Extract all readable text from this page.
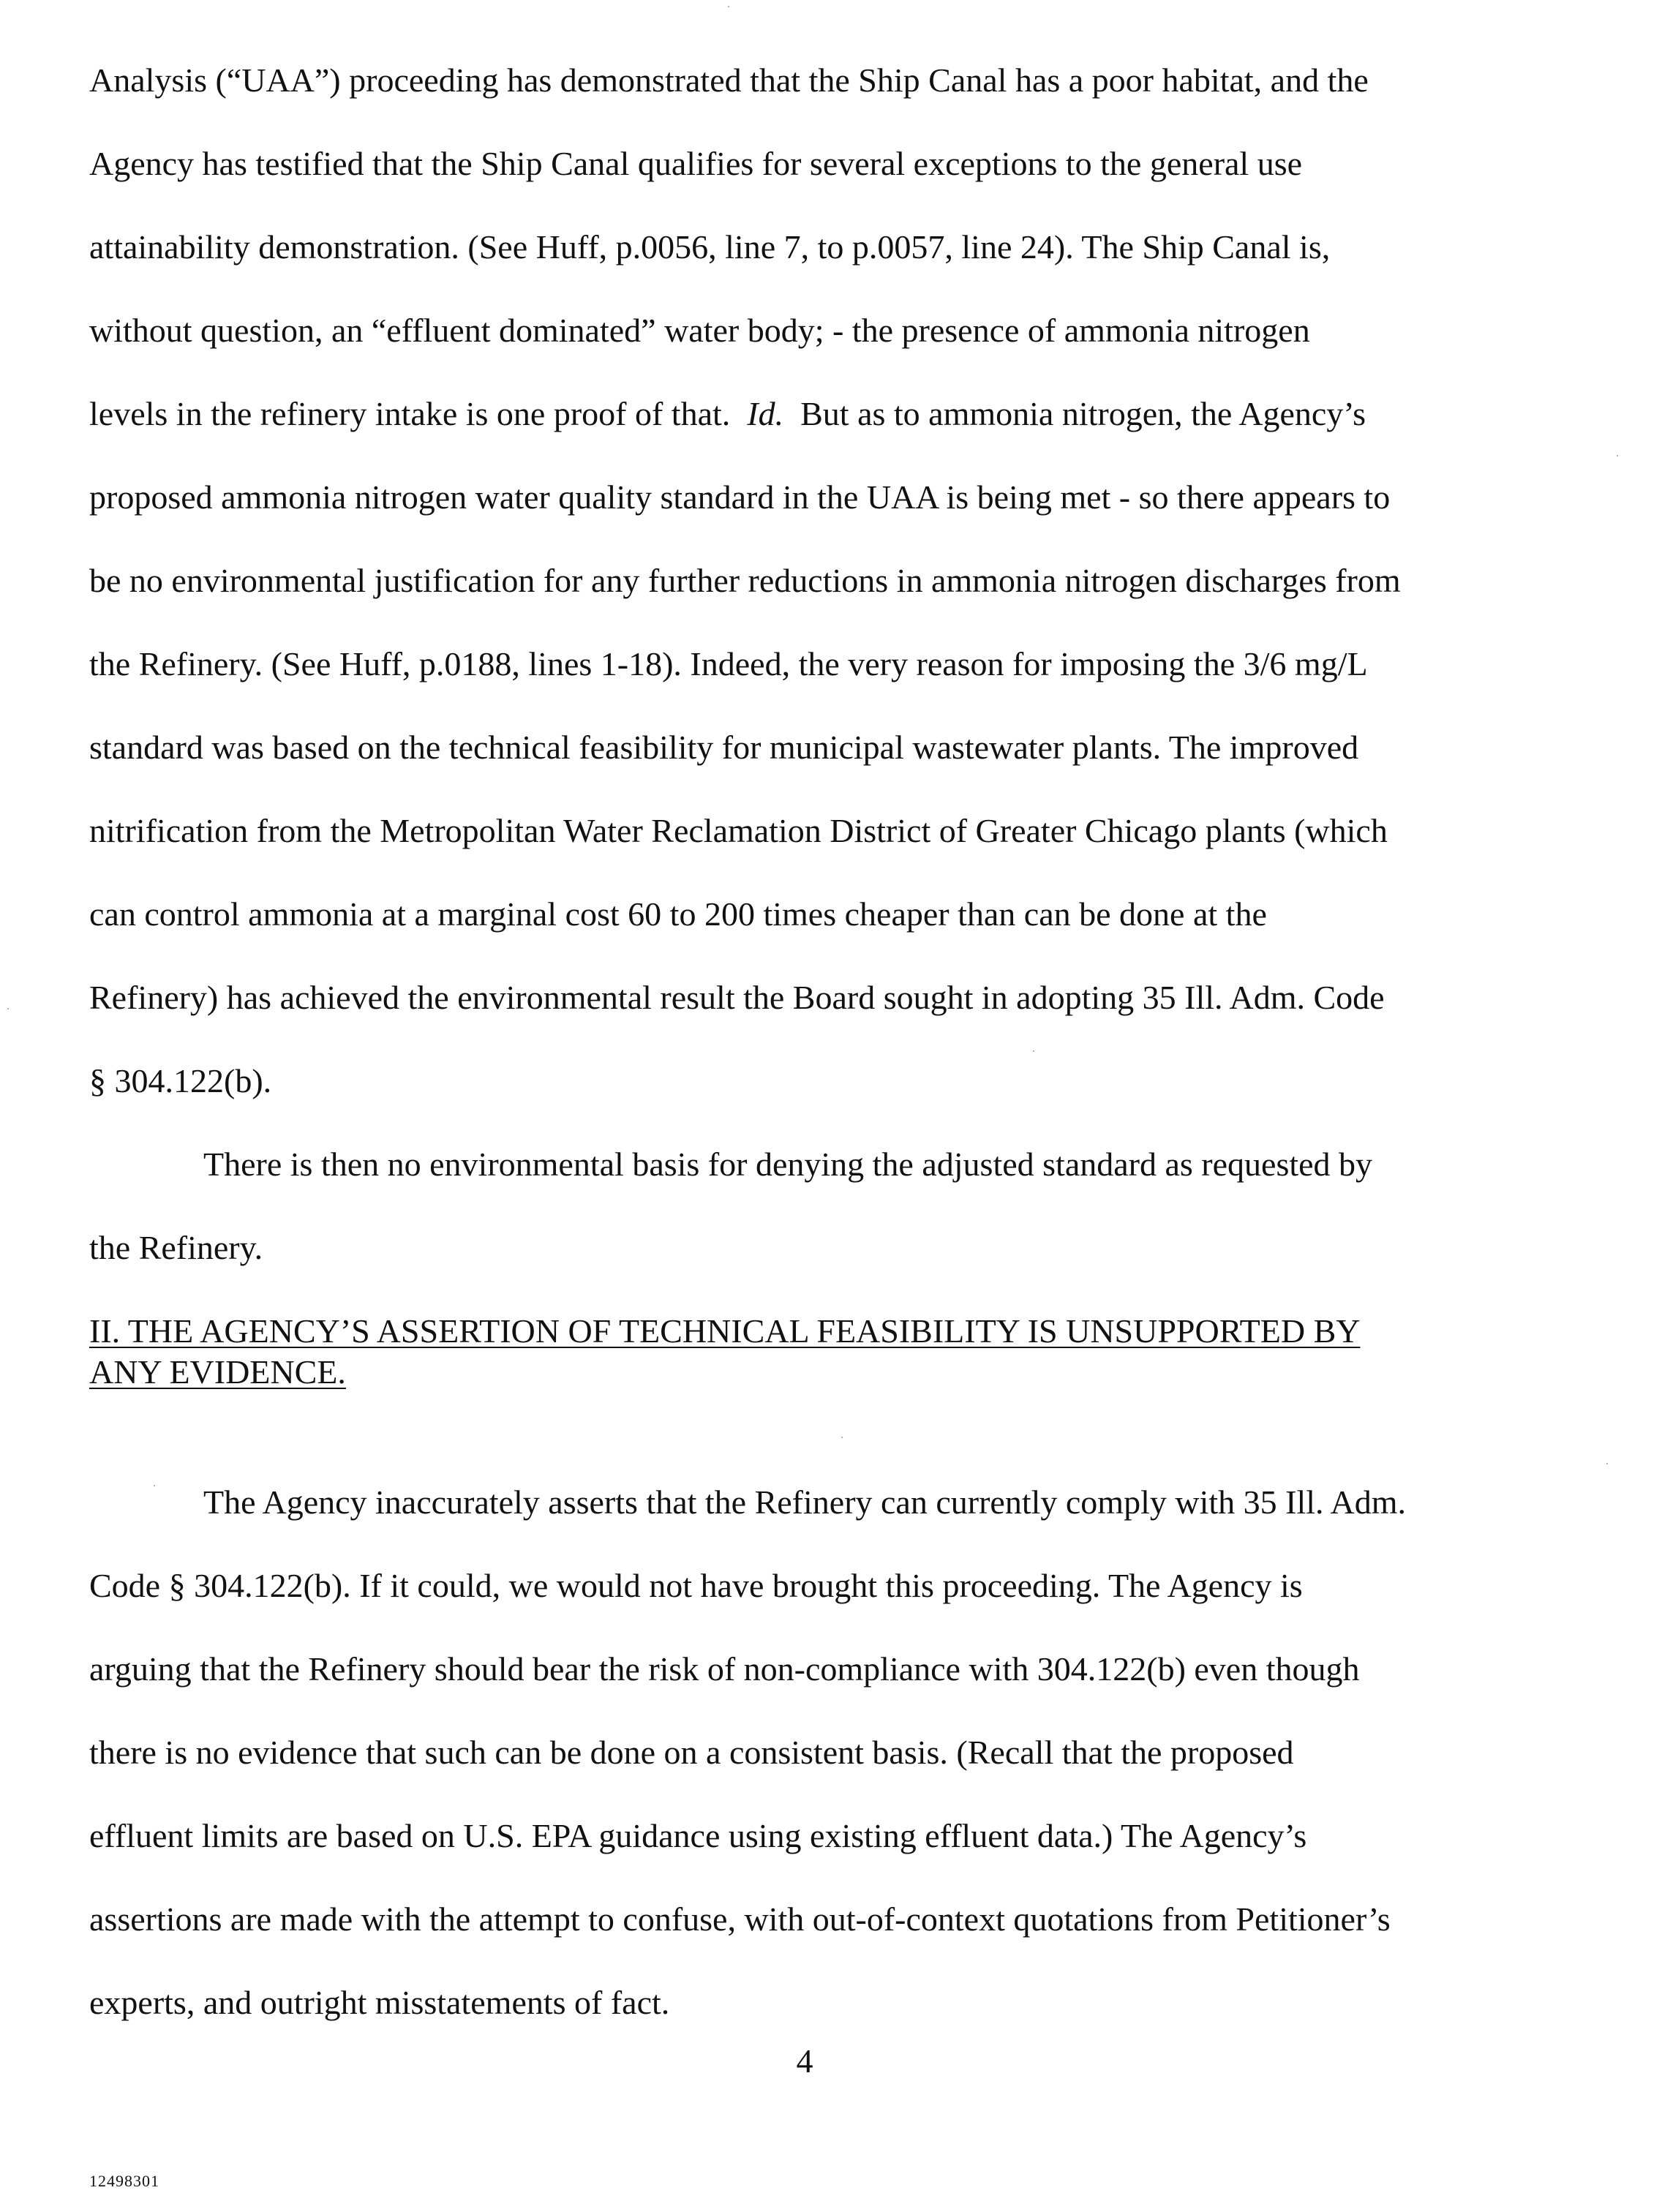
Analysis (“UAA”) proceeding has demonstrated that the Ship Canal has a poor habitat, and the

Agency has testified that the Ship Canal qualifies for several exceptions to the general use

attainability demonstration. (See Huff, p.0056, line 7, to p.0057, line 24). The Ship Canal is,

without question, an “effluent dominated” water body; - the presence of ammonia nitrogen

levels in the refinery intake is one proof of that. Id. But as to ammonia nitrogen, the Agency’s

proposed ammonia nitrogen water quality standard in the UAA is being met - so there appears to

be no environmental justification for any further reductions in ammonia nitrogen discharges from

the Refinery. (See Huff, p.0188, lines 1-18). Indeed, the very reason for imposing the 3/6 mg/L

standard was based on the technical feasibility for municipal wastewater plants. The improved

nitrification from the Metropolitan Water Reclamation District of Greater Chicago plants (which

can control ammonia at a marginal cost 60 to 200 times cheaper than can be done at the

Refinery) has achieved the environmental result the Board sought in adopting 35 Ill. Adm. Code

§ 304.122(b).

There is then no environmental basis for denying the adjusted standard as requested by

the Refinery.

II. THE AGENCY’S ASSERTION OF TECHNICAL FEASIBILITY IS UNSUPPORTED BY

ANY EVIDENCE.

The Agency inaccurately asserts that the Refinery can currently comply with 35 Ill. Adm.

Code § 304.122(b). If it could, we would not have brought this proceeding. The Agency is

arguing that the Refinery should bear the risk of non-compliance with 304.122(b) even though

there is no evidence that such can be done on a consistent basis. (Recall that the proposed

effluent limits are based on U.S. EPA guidance using existing effluent data.) The Agency’s

assertions are made with the attempt to confuse, with out-of-context quotations from Petitioner’s

experts, and outright misstatements of fact.

4

12498301
